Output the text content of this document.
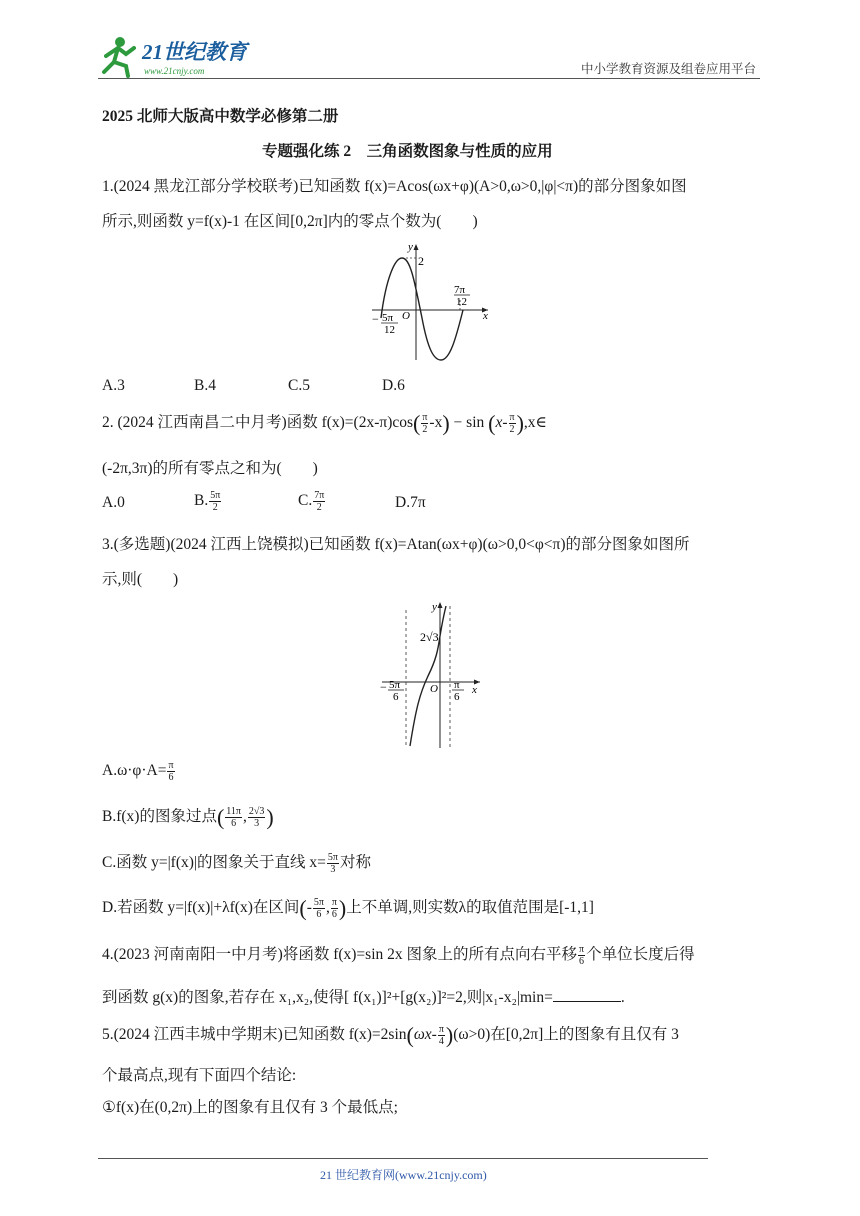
21世纪教育
www.21cnjy.com	中小学教育资源及组卷应用平台
2025 北师大版高中数学必修第二册
专题强化练 2　三角函数图象与性质的应用
1.(2024 黑龙江部分学校联考)已知函数 f(x)=Acos(ωx+φ)(A>0,ω>0,|φ|<π)的部分图象如图
所示,则函数 y=f(x)-1 在区间[0,2π]内的零点个数为(　　)
y
x
2
O
7π
12
− 5π
12
A.3	B.4	C.5	D.6
2. (2024 江西南昌二中月考)函数 $f(x)=(2x-\pi)\cos( \frac{\pi}{2} -x) - \sin (x- \frac{\pi}{2}$ ),x∈
(-2π,3π)的所有零点之和为(　　)
A.0	B. $\frac{5\pi}{2}$	C. $\frac{7\pi}{2}$	D.7π
3.(多选题)(2024 江西上饶模拟)已知函数 f(x)=Atan(ωx+φ)(ω>0,0<φ<π)的部分图象如图所
示,则(　　)
y
x
2√3
O
− 5π
6
π
6
$A.\omega\cdot\varphi\cdot A= \frac{\pi}{6}$
B.f(x)的图象过点( $\frac{11\pi}{6}$ , $\frac{2√3}{3}$ )
C.函数 y=|f(x)|的图象关于直线 $x= \frac{5\pi}{3}$ 对称
D.若函数 y=|f(x)|+λf(x)在区间(- $\frac{5\pi}{6}$ , $\frac{\pi}{6}$ )上不单调,则实数λ的取值范围是[-1,1]
4.(2023 河南南阳一中月考)将函数 f(x)=sin 2x 图象上的所有点向右平移 $\frac{\pi}{6}$ 个单位长度后得
到函数 g(x)的图象,若存在 x₁,x₂,使得[ f(x₁)]²+[g(x₂)]²=2,则|x₁-x₂|min=	.
5.(2024 江西丰城中学期末)已知函数 $f(x)=2\sin(\omega x- \frac{\pi}{4} )(\omega>0)$在[0,2π]上的图象有且仅有 3
个最高点,现有下面四个结论:
①f(x)在(0,2π)上的图象有且仅有 3 个最低点;
21 世纪教育网(www.21cnjy.com)
